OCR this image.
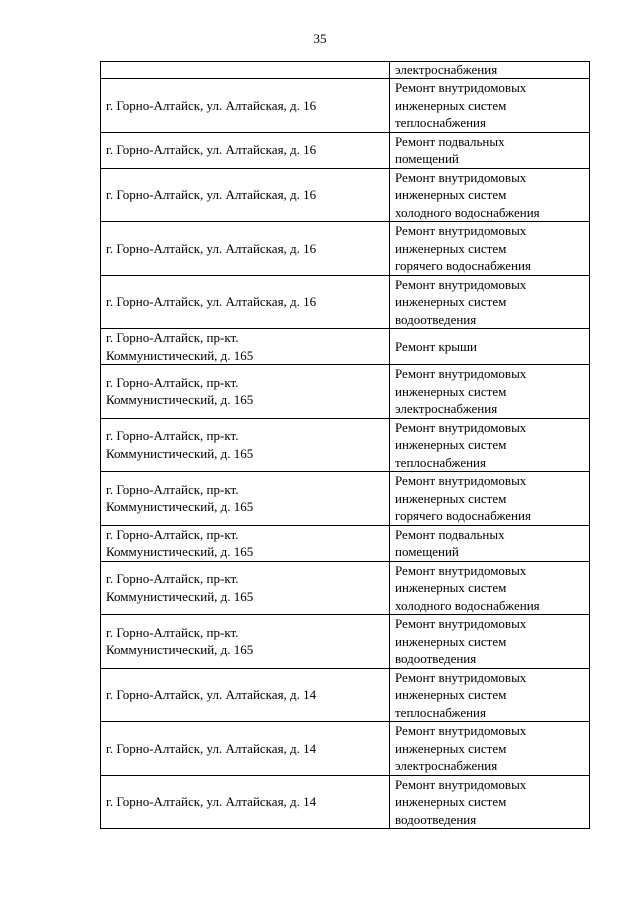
35

	электроснабжения

г. Горно-Алтайск, ул. Алтайская, д. 16	Ремонт внутридомовых
инженерных систем
теплоснабжения

г. Горно-Алтайск, ул. Алтайская, д. 16	Ремонт подвальных
помещений

г. Горно-Алтайск, ул. Алтайская, д. 16	Ремонт внутридомовых
инженерных систем
холодного водоснабжения

г. Горно-Алтайск, ул. Алтайская, д. 16	Ремонт внутридомовых
инженерных систем
горячего водоснабжения

г. Горно-Алтайск, ул. Алтайская, д. 16	Ремонт внутридомовых
инженерных систем
водоотведения

г. Горно-Алтайск, пр-кт.
Коммунистический, д. 165	Ремонт крыши

г. Горно-Алтайск, пр-кт.
Коммунистический, д. 165	Ремонт внутридомовых
инженерных систем
электроснабжения

г. Горно-Алтайск, пр-кт.
Коммунистический, д. 165	Ремонт внутридомовых
инженерных систем
теплоснабжения

г. Горно-Алтайск, пр-кт.
Коммунистический, д. 165	Ремонт внутридомовых
инженерных систем
горячего водоснабжения

г. Горно-Алтайск, пр-кт.
Коммунистический, д. 165	Ремонт подвальных
помещений

г. Горно-Алтайск, пр-кт.
Коммунистический, д. 165	Ремонт внутридомовых
инженерных систем
холодного водоснабжения

г. Горно-Алтайск, пр-кт.
Коммунистический, д. 165	Ремонт внутридомовых
инженерных систем
водоотведения

г. Горно-Алтайск, ул. Алтайская, д. 14	Ремонт внутридомовых
инженерных систем
теплоснабжения

г. Горно-Алтайск, ул. Алтайская, д. 14	Ремонт внутридомовых
инженерных систем
электроснабжения

г. Горно-Алтайск, ул. Алтайская, д. 14	Ремонт внутридомовых
инженерных систем
водоотведения
